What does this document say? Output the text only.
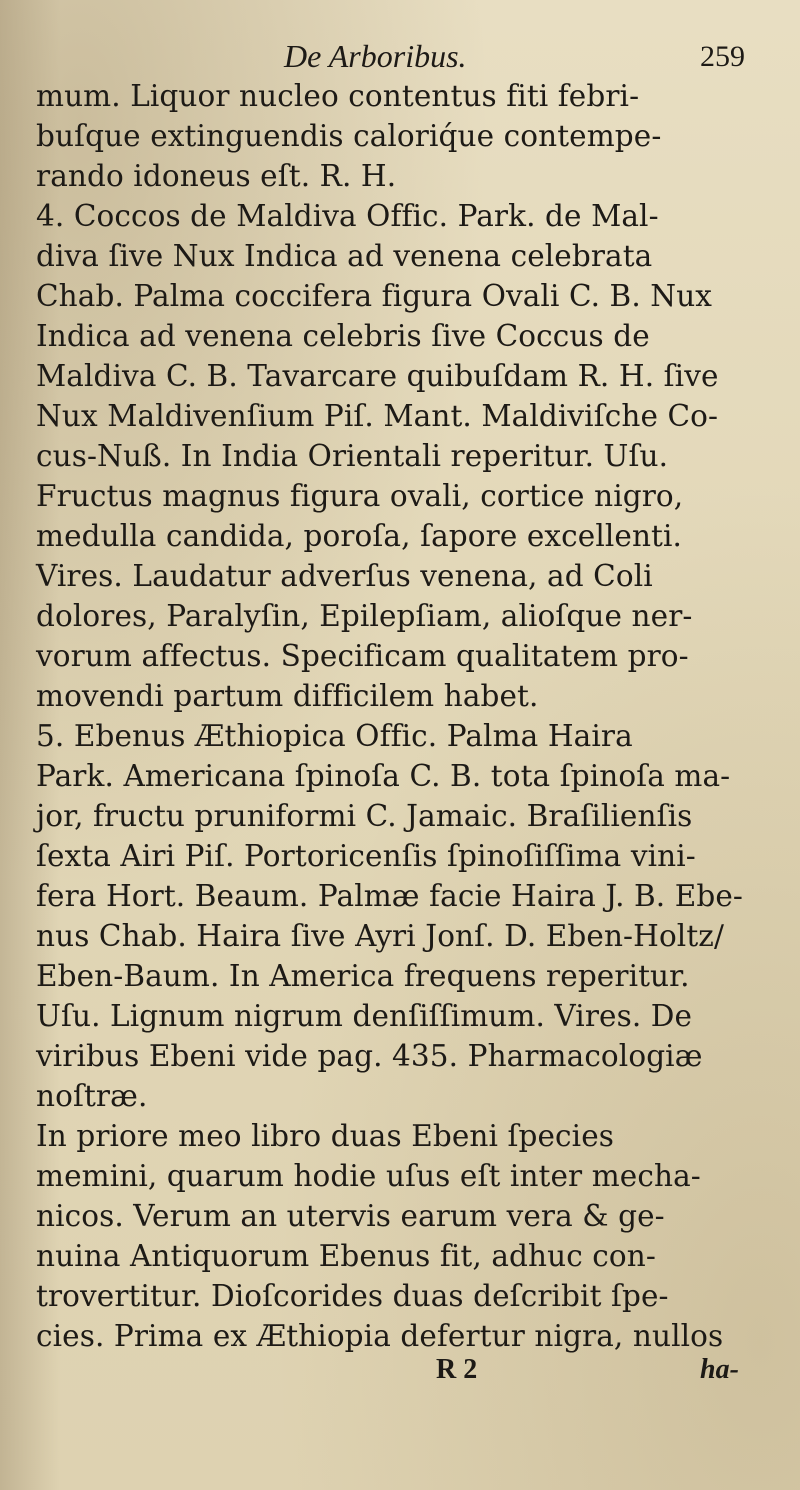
De Arboribus.	259
mum. Liquor nucleo contentus fiti febri-
buſque extinguendis caloriq́ue contempe-
rando idoneus eſt. R. H.
4. Coccos de Maldiva Offic. Park. de Mal-
diva ſive Nux Indica ad venena celebrata
Chab. Palma coccifera figura Ovali C. B. Nux
Indica ad venena celebris ſive Coccus de
Maldiva C. B. Tavarcare quibuſdam R. H. ſive
Nux Maldivenſium Piſ. Mant. Maldiviſche Co-
cus-Nuß. In India Orientali reperitur. Uſu.
Fructus magnus figura ovali, cortice nigro,
medulla candida, poroſa, ſapore excellenti.
Vires. Laudatur adverſus venena, ad Coli
dolores, Paralyſin, Epilepſiam, alioſque ner-
vorum affectus. Specificam qualitatem pro-
movendi partum difficilem habet.
5. Ebenus Æthiopica Offic. Palma Haira
Park. Americana ſpinoſa C. B. tota ſpinoſa ma-
jor, fructu pruniformi C. Jamaic. Braſilienſis
ſexta Airi Piſ. Portoricenſis ſpinoſiſſima vini-
fera Hort. Beaum. Palmæ facie Haira J. B. Ebe-
nus Chab. Haira ſive Ayri Jonſ. D. Eben-Holtz/
Eben-Baum. In America frequens reperitur.
Uſu. Lignum nigrum denſiſſimum. Vires. De
viribus Ebeni vide pag. 435. Pharmacologiæ
noſtræ.
In priore meo libro duas Ebeni ſpecies
memini, quarum hodie uſus eſt inter mecha-
nicos. Verum an utervis earum vera & ge-
nuina Antiquorum Ebenus fit, adhuc con-
trovertitur. Dioſcorides duas deſcribit ſpe-
cies. Prima ex Æthiopia defertur nigra, nullos
R 2	ha-
